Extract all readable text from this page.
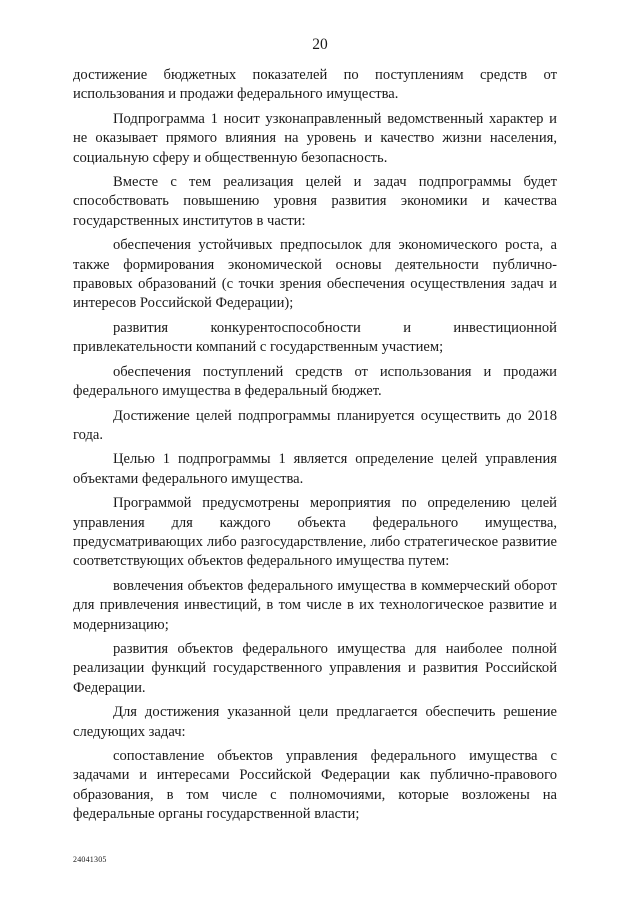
20

достижение бюджетных показателей по поступлениям средств от использования и продажи федерального имущества.

Подпрограмма 1 носит узконаправленный ведомственный характер и не оказывает прямого влияния на уровень и качество жизни населения, социальную сферу и общественную безопасность.

Вместе с тем реализация целей и задач подпрограммы будет способствовать повышению уровня развития экономики и качества государственных институтов в части:

обеспечения устойчивых предпосылок для экономического роста, а также формирования экономической основы деятельности публично-правовых образований (с точки зрения обеспечения осуществления задач и интересов Российской Федерации);

развития конкурентоспособности и инвестиционной привлекательности компаний с государственным участием;

обеспечения поступлений средств от использования и продажи федерального имущества в федеральный бюджет.

Достижение целей подпрограммы планируется осуществить до 2018 года.

Целью 1 подпрограммы 1 является определение целей управления объектами федерального имущества.

Программой предусмотрены мероприятия по определению целей управления для каждого объекта федерального имущества, предусматривающих либо разгосударствление, либо стратегическое развитие соответствующих объектов федерального имущества путем:

вовлечения объектов федерального имущества в коммерческий оборот для привлечения инвестиций, в том числе в их технологическое развитие и модернизацию;

развития объектов федерального имущества для наиболее полной реализации функций государственного управления и развития Российской Федерации.

Для достижения указанной цели предлагается обеспечить решение следующих задач:

сопоставление объектов управления федерального имущества с задачами и интересами Российской Федерации как публично-правового образования, в том числе с полномочиями, которые возложены на федеральные органы государственной власти;

24041305
